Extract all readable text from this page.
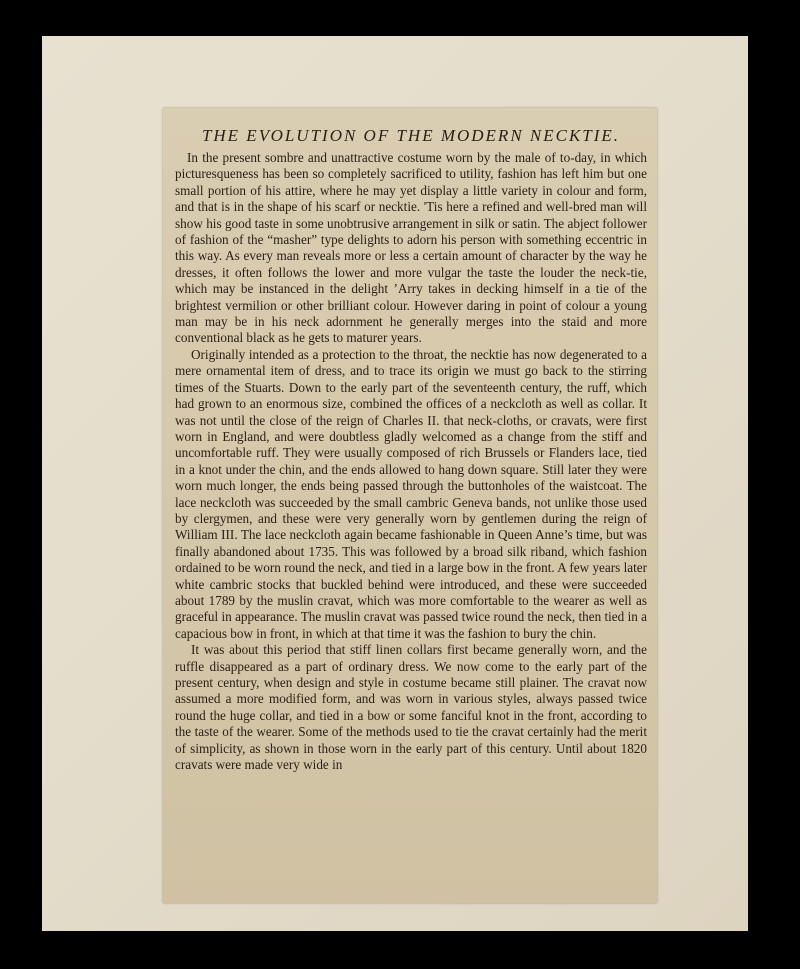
THE EVOLUTION OF THE MODERN NECKTIE.

In the present sombre and unattractive costume worn by the male of to-day, in which picturesqueness has been so completely sacrificed to utility, fashion has left him but one small portion of his attire, where he may yet display a little variety in colour and form, and that is in the shape of his scarf or necktie. 'Tis here a refined and well-bred man will show his good taste in some unobtrusive arrangement in silk or satin. The abject follower of fashion of the “masher” type delights to adorn his person with something eccentric in this way. As every man reveals more or less a certain amount of character by the way he dresses, it often follows the lower and more vulgar the taste the louder the neck-tie, which may be instanced in the delight ’Arry takes in decking himself in a tie of the brightest vermilion or other brilliant colour. However daring in point of colour a young man may be in his neck adornment he generally merges into the staid and more conventional black as he gets to maturer years.

Originally intended as a protection to the throat, the necktie has now degenerated to a mere ornamental item of dress, and to trace its origin we must go back to the stirring times of the Stuarts. Down to the early part of the seventeenth century, the ruff, which had grown to an enormous size, combined the offices of a neckcloth as well as collar. It was not until the close of the reign of Charles II. that neck-cloths, or cravats, were first worn in England, and were doubtless gladly welcomed as a change from the stiff and uncomfortable ruff. They were usually composed of rich Brussels or Flanders lace, tied in a knot under the chin, and the ends allowed to hang down square. Still later they were worn much longer, the ends being passed through the buttonholes of the waistcoat. The lace neckcloth was succeeded by the small cambric Geneva bands, not unlike those used by clergymen, and these were very generally worn by gentlemen during the reign of William III. The lace neckcloth again became fashionable in Queen Anne’s time, but was finally abandoned about 1735. This was followed by a broad silk riband, which fashion ordained to be worn round the neck, and tied in a large bow in the front. A few years later white cambric stocks that buckled behind were introduced, and these were succeeded about 1789 by the muslin cravat, which was more comfortable to the wearer as well as graceful in appearance. The muslin cravat was passed twice round the neck, then tied in a capacious bow in front, in which at that time it was the fashion to bury the chin.

It was about this period that stiff linen collars first became generally worn, and the ruffle disappeared as a part of ordinary dress. We now come to the early part of the present century, when design and style in costume became still plainer. The cravat now assumed a more modified form, and was worn in various styles, always passed twice round the huge collar, and tied in a bow or some fanciful knot in the front, according to the taste of the wearer. Some of the methods used to tie the cravat certainly had the merit of simplicity, as shown in those worn in the early part of this century. Until about 1820 cravats were made very wide in
